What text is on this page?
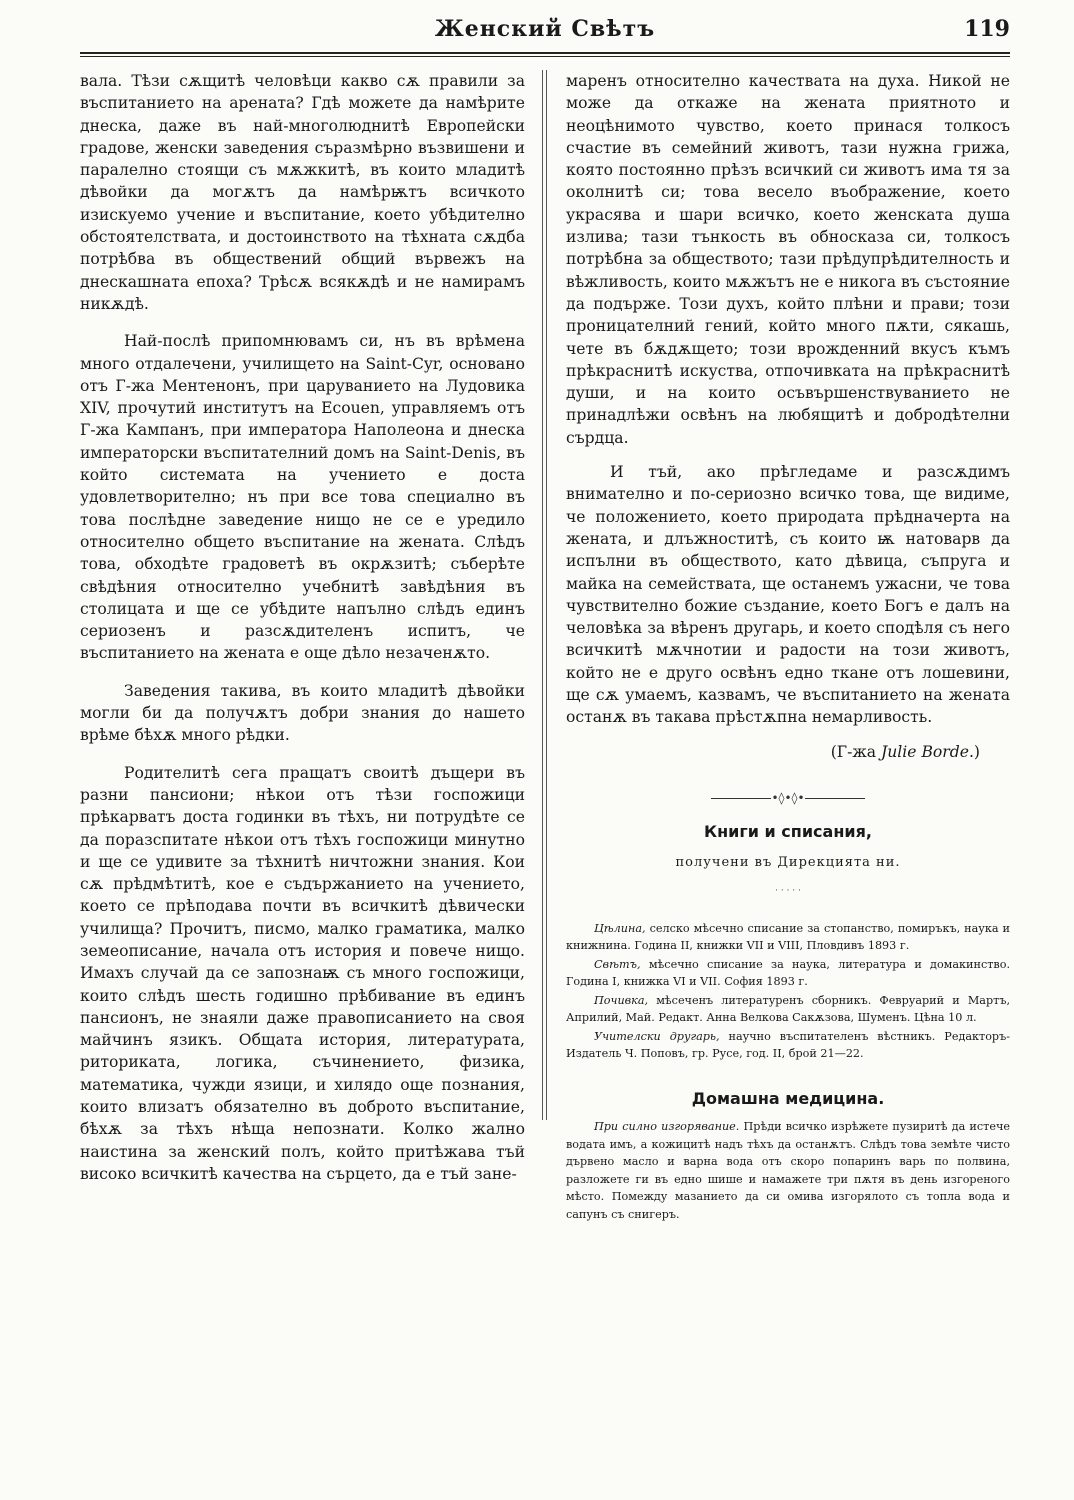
Женский Свѣтъ	119

вала. Тѣзи сѫщитѣ человѣци какво сѫ правили за въспитанието на арената? Гдѣ можете да намѣрите днеска, даже въ най-многолюднитѣ Европейски градове, женски заведения съразмѣрно възвишени и паралелно стоящи съ мѫжкитѣ, въ които младитѣ дѣвойки да могѫтъ да намѣрѭтъ всичкото изискуемо учение и въспитание, което убѣдително обстоятелствата, и достоинството на тѣхната сѫдба потрѣбва въ обществений общий вървежъ на днескашната епоха? Трѣсѫ всякѫдѣ и не намирамъ никѫдѣ.

Най-послѣ припомнювамъ си, нъ въ врѣмена много отдалечени, училището на Saint-Cyr, основано отъ Г-жа Ментенонъ, при царуванието на Лудовика XIV, прочутий институтъ на Ecouen, управляемъ отъ Г-жа Кампанъ, при императора Наполеона и днеска императорски въспитателний домъ на Saint-Denis, въ който системата на учението е доста удовлетворително; нъ при все това специално въ това послѣдне заведение нищо не се е уредило относително общето въспитание на жената. Слѣдъ това, обходѣте градоветѣ въ окрѫзитѣ; съберѣте свѣдѣния относително учебнитѣ завѣдѣния въ столицата и ще се убѣдите напълно слѣдъ единъ сериозенъ и разсѫдителенъ испитъ, че въспитанието на жената е още дѣло незаченѫто.

Заведения такива, въ които младитѣ дѣвойки могли би да получѫтъ добри знания до нашето врѣме бѣхѫ много рѣдки.

Родителитѣ сега пращатъ своитѣ дъщери въ разни пансиони; нѣкои отъ тѣзи госпожици прѣкарватъ доста годинки въ тѣхъ, ни потрудѣте се да поразспитате нѣкои отъ тѣхъ госпожици минутно и ще се удивите за тѣхнитѣ ничтожни знания. Кои сѫ прѣдмѣтитѣ, кое е съдържанието на учението, което се прѣподава почти въ всичкитѣ дѣвически училища? Прочитъ, писмо, малко граматика, малко земеописание, начала отъ история и повече нищо. Имахъ случай да се запознаѭ съ много госпожици, които слѣдъ шесть годишно прѣбивание въ единъ пансионъ, не знаяли даже правописанието на своя майчинъ язикъ. Общата история, литературата, риториката, логика, съчинението, физика, математика, чужди язици, и хилядо още познания, които влизатъ обязателно въ доброто въспитание, бѣхѫ за тѣхъ нѣща непознати. Колко жално наистина за женский полъ, който притѣжава тъй високо всичкитѣ качества на сърцето, да е тъй зане-

маренъ относително качествата на духа. Никой не може да откаже на жената приятното и неоцѣнимото чувство, което принася толкосъ счастие въ семейний животъ, тази нужна грижа, която постоянно прѣзъ всичкий си животъ има тя за околнитѣ си; това весело въображение, което украсява и шари всичко, което женската душа излива; тази тънкость въ обносказа си, толкосъ потрѣбна за обществото; тази прѣдупрѣдителность и вѣжливость, които мѫжътъ не е никога въ състояние да подърже. Този духъ, който плѣни и прави; този проницателний гений, който много пѫти, сякашь, чете въ бѫдѫщето; този врожденний вкусъ къмъ прѣкраснитѣ искуства, отпочивката на прѣкраснитѣ души, и на които осъвършенствуванието не принадлѣжи освѣнъ на любящитѣ и добродѣтелни сърдца.

И тъй, ако прѣгледаме и разсѫдимъ внимателно и по-сериозно всичко това, ще видиме, че положението, което природата прѣдначерта на жената, и длъжноститѣ, съ които ѭ натоварв да испълни въ обществото, като дѣвица, съпруга и майка на семействата, ще останемъ ужасни, че това чувствително божие създание, което Богъ е далъ на человѣка за вѣренъ другарь, и което сподѣля съ него всичкитѣ мѫчнотии и радости на този животъ, който не е друго освѣнъ едно ткане отъ лошевини, ще сѫ умаемъ, казвамъ, че въспитанието на жената останѫ въ такава прѣстѫпна немарливость.

(Г-жа Julie Borde.)
•◊•◊•
Книги и списания,
получени въ Дирекцията ни.
· · · · ·
Цѣлина, селско мѣсечно списание за стопанство, помиръкъ, наука и книжнина. Година II, книжки VII и VIII, Пловдивъ 1893 г.
Свѣтъ, мѣсечно списание за наука, литература и домакинство. Година I, книжка VI и VII. София 1893 г.
Почивка, мѣсеченъ литературенъ сборникъ. Февруарий и Мартъ, Априлий, Май. Редакт. Анна Велкова Сакѫзова, Шуменъ. Цѣна 10 л.
Учителски другарь, научно въспитателенъ вѣстникъ. Редакторъ-Издатель Ч. Поповъ, гр. Русе, год. II, брой 21—22.
Домашна медицина.
При силно изгорявание. Прѣди всичко изрѣжете пузиритѣ да истече водата имъ, а кожицитѣ надъ тѣхъ да останѫтъ. Слѣдъ това земѣте чисто дървено масло и варна вода отъ скоро попаринъ варь по полвина, разложете ги въ едно шише и намажете три пѫтя въ день изгореного мѣсто. Помежду мазанието да си омива изгорялото съ топла вода и сапунъ съ снигеръ.
